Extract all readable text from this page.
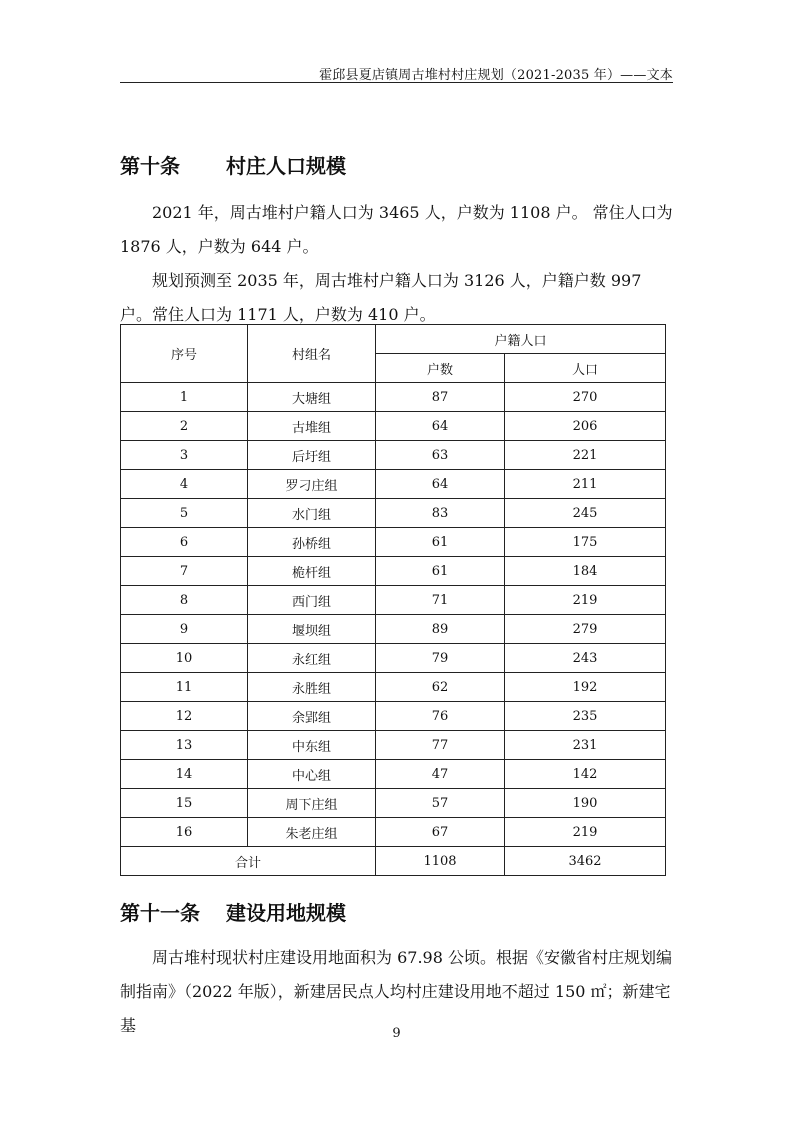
霍邱县夏店镇周古堆村村庄规划（2021-2035 年）——文本
第十条 村庄人口规模

2021 年，周古堆村户籍人口为 3465 人，户数为 1108 户。 常住人口为 1876 人，户数为 644 户。

规划预测至 2035 年，周古堆村户籍人口为 3126 人，户籍户数 997 户。常住人口为 1171 人，户数为 410 户。

序号	村组名	户籍人口	
		户数	人口
1	大塘组	87	270
2	古堆组	64	206
3	后圩组	63	221
4	罗刁庄组	64	211
5	水门组	83	245
6	孙桥组	61	175
7	桅杆组	61	184
8	西门组	71	219
9	堰坝组	89	279
10	永红组	79	243
11	永胜组	62	192
12	余郢组	76	235
13	中东组	77	231
14	中心组	47	142
15	周下庄组	57	190
16	朱老庄组	67	219
合计		1108	3462
第十一条 建设用地规模

周古堆村现状村庄建设用地面积为 67.98 公顷。根据《安徽省村庄规划编制指南》（2022 年版），新建居民点人均村庄建设用地不超过 150 ㎡；新建宅基	9
